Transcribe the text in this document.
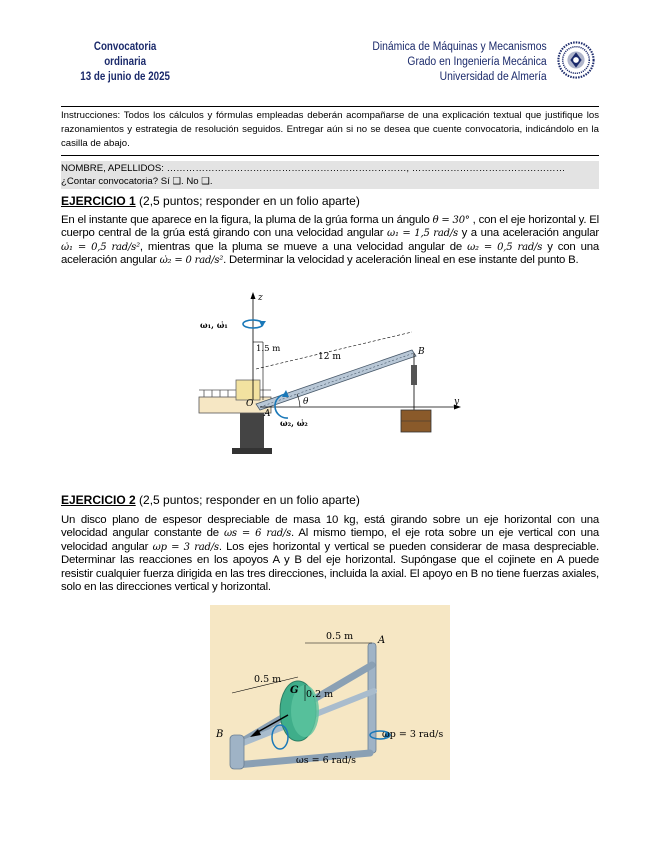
Convocatoria ordinaria
13 de junio de 2025
Dinámica de Máquinas y Mecanismos
Grado en Ingeniería Mecánica
Universidad de Almería
Instrucciones: Todos los cálculos y fórmulas empleadas deberán acompañarse de una explicación textual que justifique los razonamientos y estrategia de resolución seguidos. Entregar aún si no se desea que cuente convocatoria, indicándolo en la casilla de abajo.
NOMBRE, APELLIDOS: …………………………………………………………………, …………………………………………
¿Contar convocatoria? Sí ❑. No ❑.
EJERCICIO 1 (2,5 puntos; responder en un folio aparte)
En el instante que aparece en la figura, la pluma de la grúa forma un ángulo θ = 30° , con el eje horizontal y. El cuerpo central de la grúa está girando con una velocidad angular ω₁ = 1,5 rad/s y a una aceleración angular ω̇₁ = 0,5 rad/s², mientras que la pluma se mueve a una velocidad angular de ω₂ = 0,5 rad/s y con una aceleración angular ω̇₂ = 0 rad/s². Determinar la velocidad y aceleración lineal en ese instante del punto B.
z
ω₁, ω̇₁
1.5 m
12 m	B
y
O
A
θ
ω₂, ω̇₂
EJERCICIO 2 (2,5 puntos; responder en un folio aparte)
Un disco plano de espesor despreciable de masa 10 kg, está girando sobre un eje horizontal con una velocidad angular constante de ωs = 6 rad/s. Al mismo tiempo, el eje rota sobre un eje vertical con una velocidad angular ωp = 3 rad/s. Los ejes horizontal y vertical se pueden considerar de masa despreciable. Determinar las reacciones en los apoyos A y B del eje horizontal. Supóngase que el cojinete en A puede resistir cualquier fuerza dirigida en las tres direcciones, incluida la axial. El apoyo en B no tiene fuerzas axiales, solo en las direcciones vertical y horizontal.
0.5 m
0.5 m
0.2 m
A
B
G
ωp = 3 rad/s
ωs = 6 rad/s
